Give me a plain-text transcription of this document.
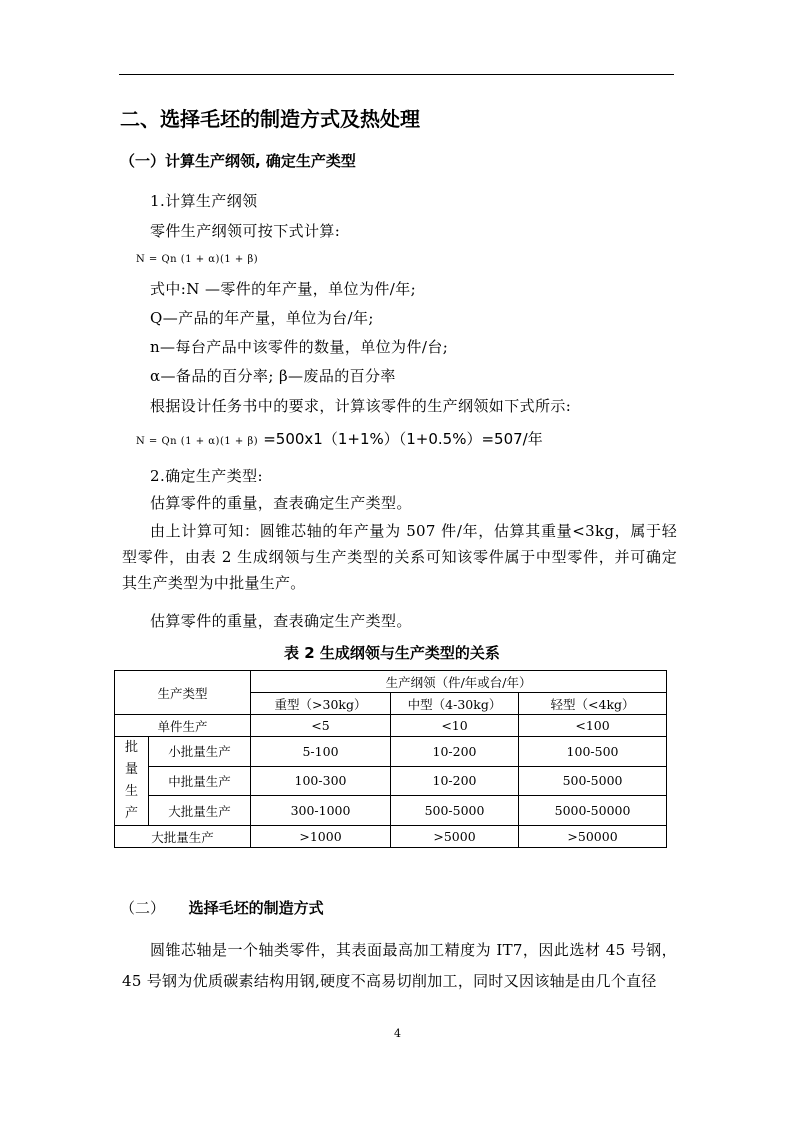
二、选择毛坯的制造方式及热处理
（一）计算生产纲领, 确定生产类型
1.计算生产纲领
零件生产纲领可按下式计算:
N = Qn (1 + α)(1 + β)
式中:N —零件的年产量，单位为件/年;
Q—产品的年产量，单位为台/年;
n—每台产品中该零件的数量，单位为件/台;
α—备品的百分率; β—废品的百分率
根据设计任务书中的要求，计算该零件的生产纲领如下式所示:
N = Qn (1 + α)(1 + β) =500x1（1+1%）（1+0.5%）=507/年
2.确定生产类型:
估算零件的重量，查表确定生产类型。
由上计算可知：圆锥芯轴的年产量为 507 件/年，估算其重量<3kg，属于轻型零件，由表 2 生成纲领与生产类型的关系可知该零件属于中型零件，并可确定其生产类型为中批量生产。
估算零件的重量，查表确定生产类型。
表 2 生成纲领与生产类型的关系
生产类型		生产纲领（件/年或台/年）		
		重型（>30kg）	中型（4-30kg）	轻型（<4kg）
单件生产		<5	<10	<100
批量生产	小批量生产	5-100	10-200	100-500
	中批量生产	100-300	10-200	500-5000
	大批量生产	300-1000	500-5000	5000-50000
大批量生产		>1000	>5000	>50000
（二） 选择毛坯的制造方式
圆锥芯轴是一个轴类零件，其表面最高加工精度为 IT7，因此选材 45 号钢，45 号钢为优质碳素结构用钢,硬度不高易切削加工，同时又因该轴是由几个直径
4
